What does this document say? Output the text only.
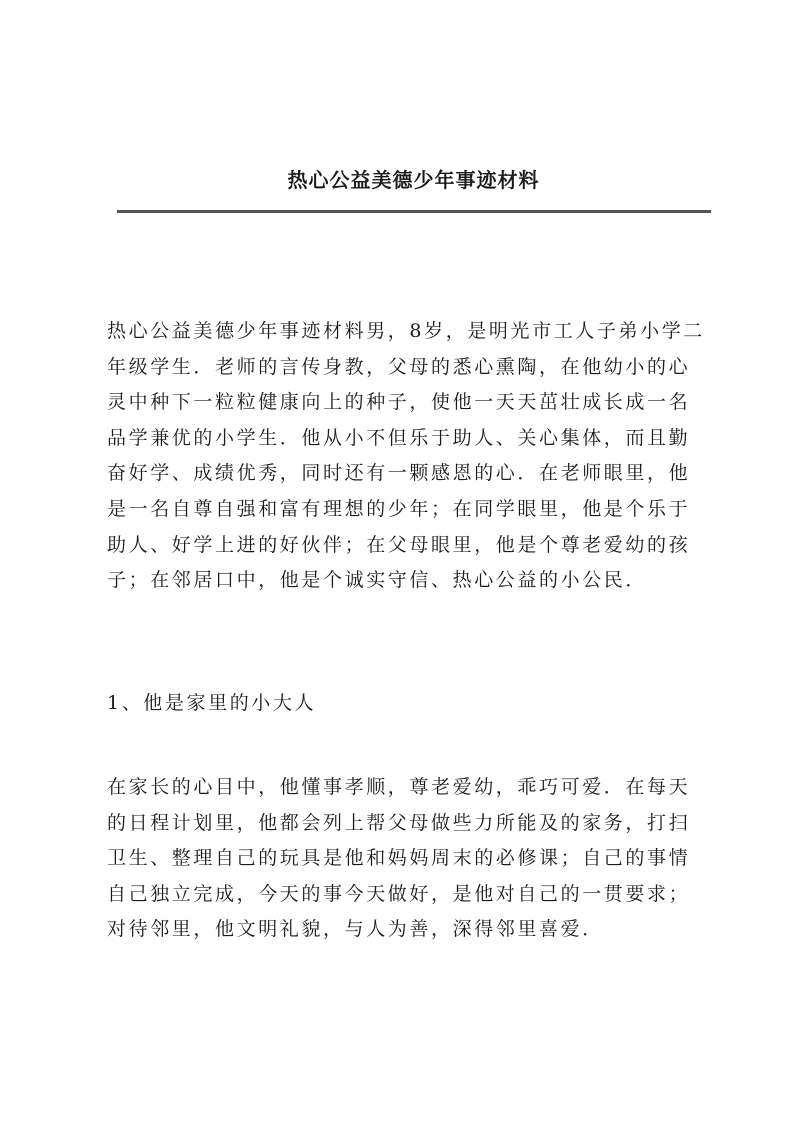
热心公益美德少年事迹材料

热心公益美德少年事迹材料男，8岁，是明光市工人子弟小学二年级学生．老师的言传身教，父母的悉心熏陶，在他幼小的心灵中种下一粒粒健康向上的种子，使他一天天茁壮成长成一名品学兼优的小学生．他从小不但乐于助人、关心集体，而且勤奋好学、成绩优秀，同时还有一颗感恩的心．在老师眼里，他是一名自尊自强和富有理想的少年；在同学眼里，他是个乐于助人、好学上进的好伙伴；在父母眼里，他是个尊老爱幼的孩子；在邻居口中，他是个诚实守信、热心公益的小公民．

1、他是家里的小大人

在家长的心目中，他懂事孝顺，尊老爱幼，乖巧可爱．在每天的日程计划里，他都会列上帮父母做些力所能及的家务，打扫卫生、整理自己的玩具是他和妈妈周末的必修课；自己的事情自己独立完成，今天的事今天做好，是他对自己的一贯要求；对待邻里，他文明礼貌，与人为善，深得邻里喜爱．
